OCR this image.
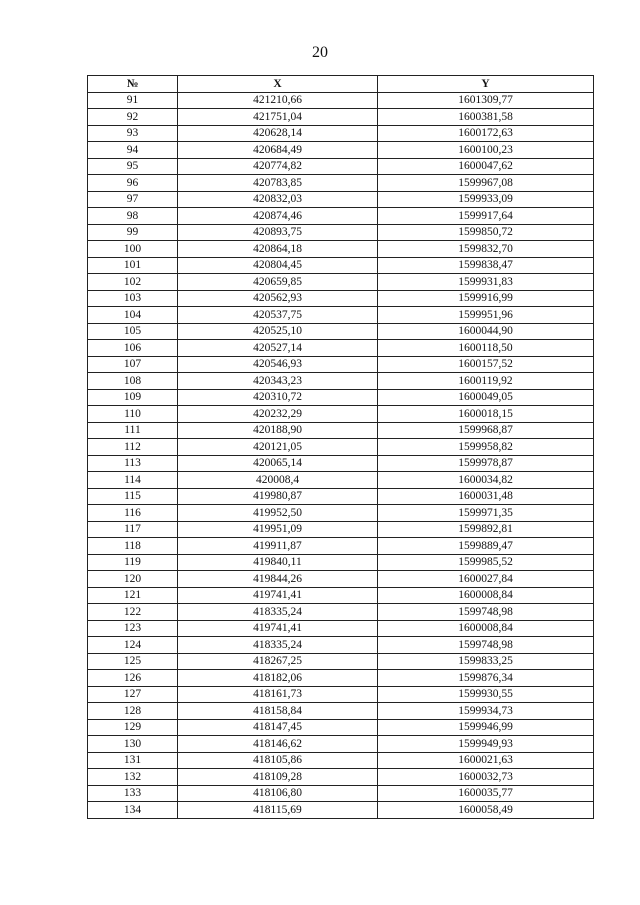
20
№	X	Y
91	421210,66	1601309,77
92	421751,04	1600381,58
93	420628,14	1600172,63
94	420684,49	1600100,23
95	420774,82	1600047,62
96	420783,85	1599967,08
97	420832,03	1599933,09
98	420874,46	1599917,64
99	420893,75	1599850,72
100	420864,18	1599832,70
101	420804,45	1599838,47
102	420659,85	1599931,83
103	420562,93	1599916,99
104	420537,75	1599951,96
105	420525,10	1600044,90
106	420527,14	1600118,50
107	420546,93	1600157,52
108	420343,23	1600119,92
109	420310,72	1600049,05
110	420232,29	1600018,15
111	420188,90	1599968,87
112	420121,05	1599958,82
113	420065,14	1599978,87
114	420008,4	1600034,82
115	419980,87	1600031,48
116	419952,50	1599971,35
117	419951,09	1599892,81
118	419911,87	1599889,47
119	419840,11	1599985,52
120	419844,26	1600027,84
121	419741,41	1600008,84
122	418335,24	1599748,98
123	419741,41	1600008,84
124	418335,24	1599748,98
125	418267,25	1599833,25
126	418182,06	1599876,34
127	418161,73	1599930,55
128	418158,84	1599934,73
129	418147,45	1599946,99
130	418146,62	1599949,93
131	418105,86	1600021,63
132	418109,28	1600032,73
133	418106,80	1600035,77
134	418115,69	1600058,49
